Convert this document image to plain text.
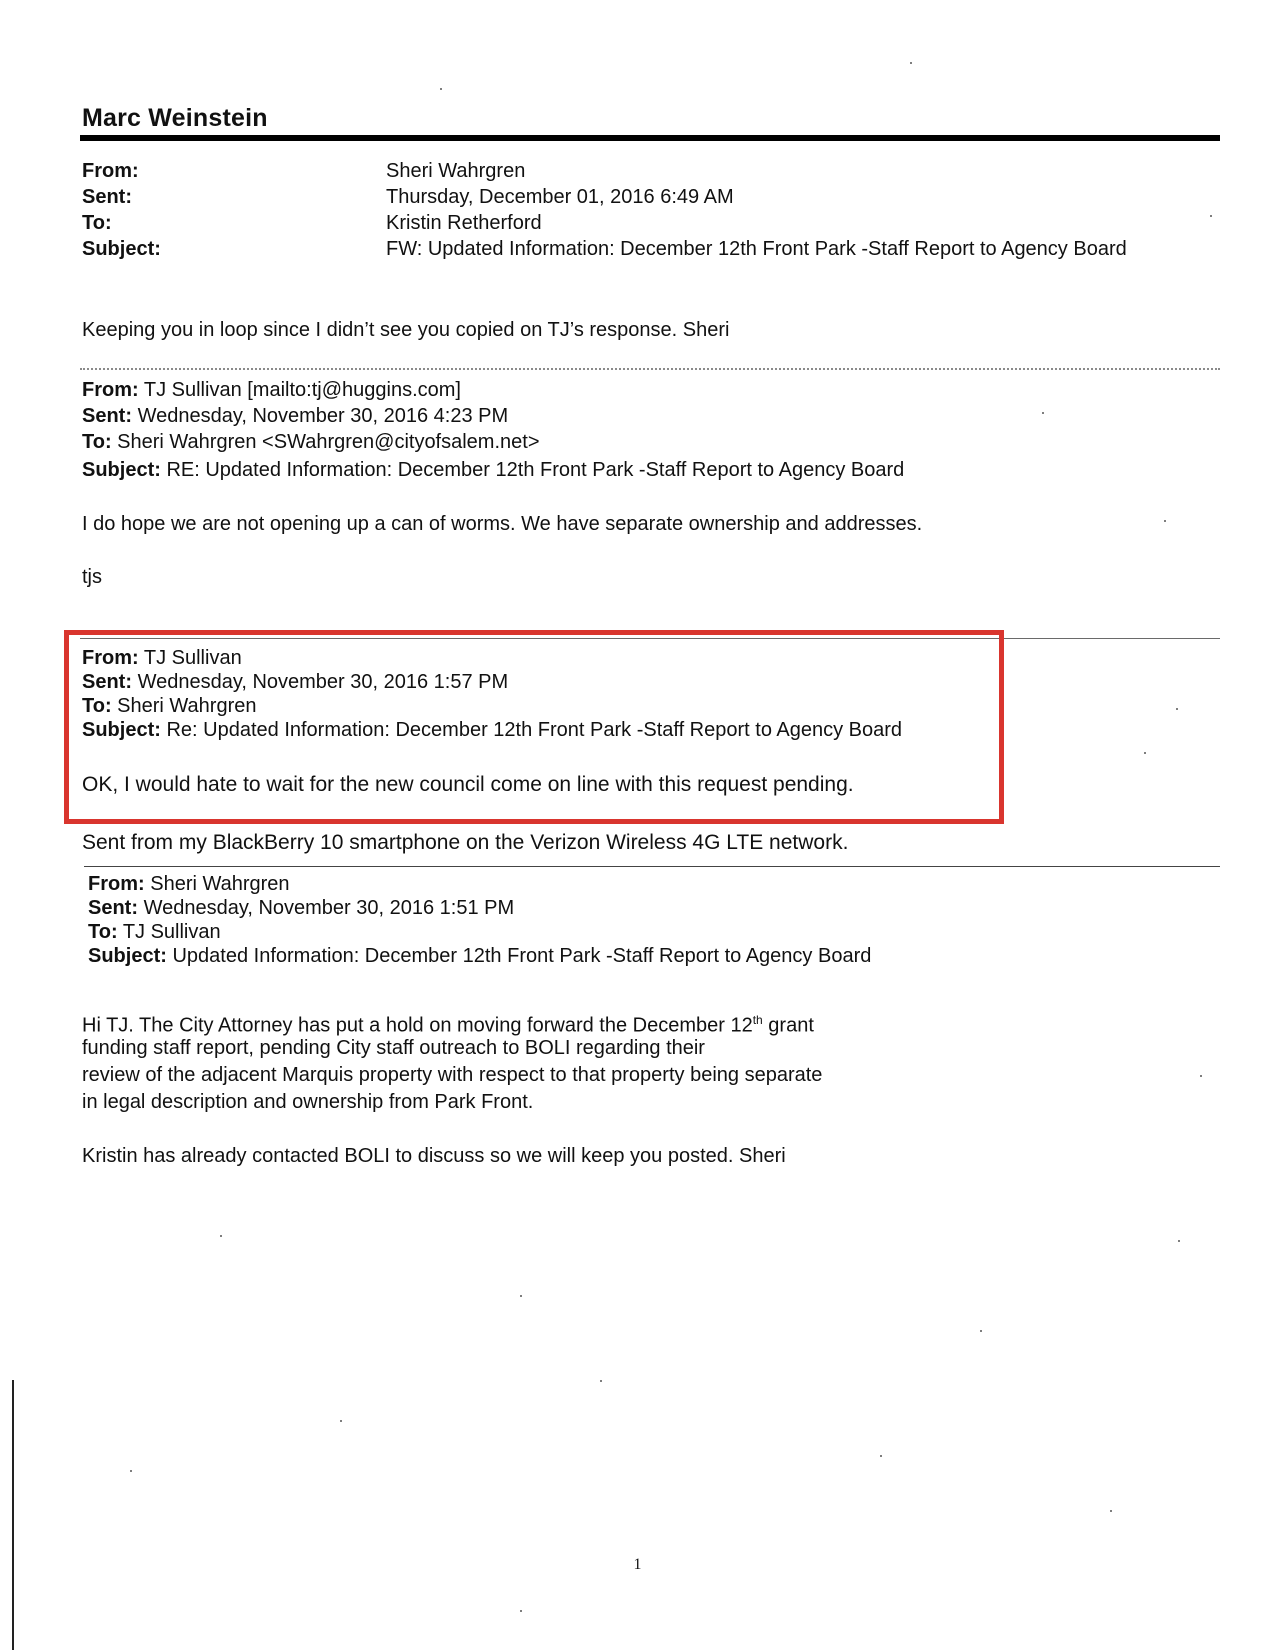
Marc Weinstein
From:	Sheri Wahrgren
Sent:	Thursday, December 01, 2016 6:49 AM
To:	Kristin Retherford
Subject:	FW: Updated Information: December 12th Front Park -Staff Report to Agency Board
Keeping you in loop since I didn’t see you copied on TJ’s response. Sheri
From: TJ Sullivan [mailto:tj@huggins.com]
Sent: Wednesday, November 30, 2016 4:23 PM
To: Sheri Wahrgren <SWahrgren@cityofsalem.net>
Subject: RE: Updated Information: December 12th Front Park -Staff Report to Agency Board
I do hope we are not opening up a can of worms. We have separate ownership and addresses.
tjs
From: TJ Sullivan
Sent: Wednesday, November 30, 2016 1:57 PM
To: Sheri Wahrgren
Subject: Re: Updated Information: December 12th Front Park -Staff Report to Agency Board
OK, I would hate to wait for the new council come on line with this request pending.
Sent from my BlackBerry 10 smartphone on the Verizon Wireless 4G LTE network.
From: Sheri Wahrgren
Sent: Wednesday, November 30, 2016 1:51 PM
To: TJ Sullivan
Subject: Updated Information: December 12th Front Park -Staff Report to Agency Board
Hi TJ. The City Attorney has put a hold on moving forward the December 12th grant
funding staff report, pending City staff outreach to BOLI regarding their
review of the adjacent Marquis property with respect to that property being separate
in legal description and ownership from Park Front.
Kristin has already contacted BOLI to discuss so we will keep you posted. Sheri
1
